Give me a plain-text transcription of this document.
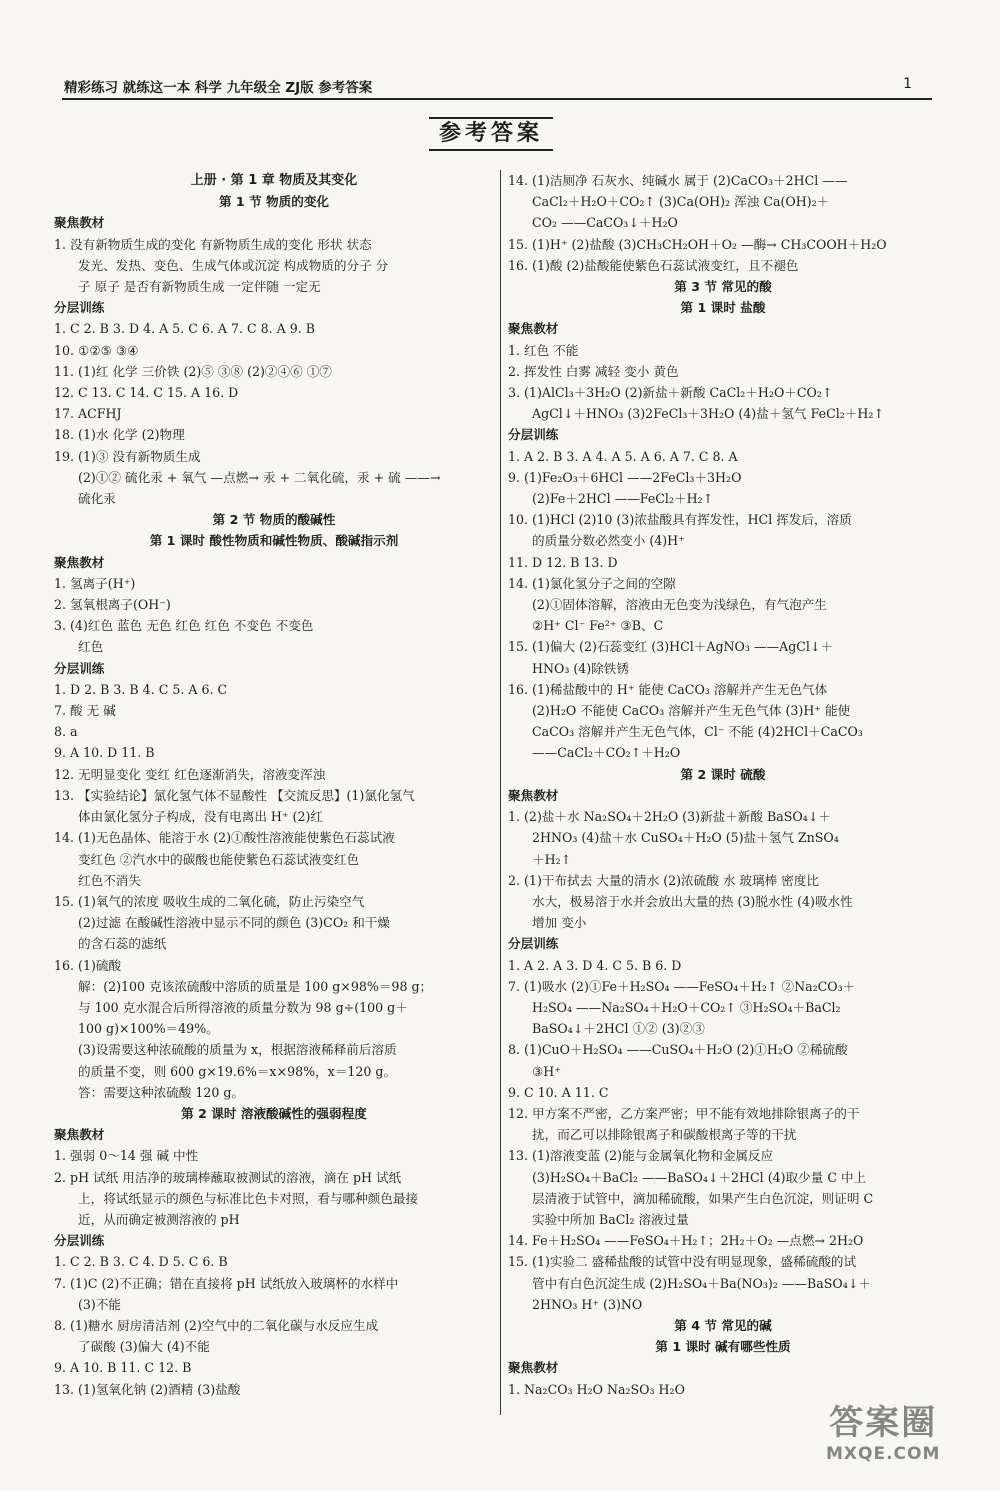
精彩练习 就练这一本 科学 九年级全 ZJ版 参考答案	1
参考答案
上册 · 第 1 章 物质及其变化
第 1 节 物质的变化
聚焦教材
1. 没有新物质生成的变化 有新物质生成的变化 形状 状态
发光、发热、变色、生成气体或沉淀 构成物质的分子 分
子 原子 是否有新物质生成 一定伴随 一定无
分层训练
1. C 2. B 3. D 4. A 5. C 6. A 7. C 8. A 9. B
10. ①②⑤ ③④
11. (1)红 化学 三价铁 (2)⑤ ③⑧ (2)②④⑥ ①⑦
12. C 13. C 14. C 15. A 16. D
17. ACFHJ
18. (1)水 化学 (2)物理
19. (1)③ 没有新物质生成
(2)①② 硫化汞 + 氧气 —点燃→ 汞 + 二氧化硫，汞 + 硫 ——→
硫化汞
第 2 节 物质的酸碱性
第 1 课时 酸性物质和碱性物质、酸碱指示剂
聚焦教材
1. 氢离子(H⁺)
2. 氢氧根离子(OH⁻)
3. (4)红色 蓝色 无色 红色 红色 不变色 不变色
红色
分层训练
1. D 2. B 3. B 4. C 5. A 6. C
7. 酸 无 碱
8. a
9. A 10. D 11. B
12. 无明显变化 变红 红色逐渐消失，溶液变浑浊
13. 【实验结论】氯化氢气体不显酸性 【交流反思】(1)氯化氢气
体由氯化氢分子构成，没有电离出 H⁺ (2)红
14. (1)无色晶体、能溶于水 (2)①酸性溶液能使紫色石蕊试液
变红色 ②汽水中的碳酸也能使紫色石蕊试液变红色
红色不消失
15. (1)氧气的浓度 吸收生成的二氧化硫，防止污染空气
(2)过滤 在酸碱性溶液中显示不同的颜色 (3)CO₂ 和干燥
的含石蕊的滤纸
16. (1)硫酸
解：(2)100 克该浓硫酸中溶质的质量是 100 g×98%＝98 g；
与 100 克水混合后所得溶液的质量分数为 98 g÷(100 g＋
100 g)×100%＝49%。
(3)设需要这种浓硫酸的质量为 x，根据溶液稀释前后溶质
的质量不变，则 600 g×19.6%＝x×98%，x＝120 g。
答：需要这种浓硫酸 120 g。
第 2 课时 溶液酸碱性的强弱程度
聚焦教材
1. 强弱 0～14 强 碱 中性
2. pH 试纸 用洁净的玻璃棒蘸取被测试的溶液，滴在 pH 试纸
上，将试纸显示的颜色与标准比色卡对照，看与哪种颜色最接
近，从而确定被测溶液的 pH
分层训练
1. C 2. B 3. C 4. D 5. C 6. B
7. (1)C (2)不正确；错在直接将 pH 试纸放入玻璃杯的水样中
(3)不能
8. (1)糖水 厨房清洁剂 (2)空气中的二氧化碳与水反应生成
了碳酸 (3)偏大 (4)不能
9. A 10. B 11. C 12. B
13. (1)氢氧化钠 (2)酒精 (3)盐酸
14. (1)洁厕净 石灰水、纯碱水 属于 (2)CaCO₃＋2HCl ——
CaCl₂＋H₂O＋CO₂↑ (3)Ca(OH)₂ 浑浊 Ca(OH)₂＋
CO₂ ——CaCO₃↓＋H₂O
15. (1)H⁺ (2)盐酸 (3)CH₃CH₂OH＋O₂ —酶→ CH₃COOH＋H₂O
16. (1)酸 (2)盐酸能使紫色石蕊试液变红，且不褪色
第 3 节 常见的酸
第 1 课时 盐酸
聚焦教材
1. 红色 不能
2. 挥发性 白雾 减轻 变小 黄色
3. (1)AlCl₃＋3H₂O (2)新盐＋新酸 CaCl₂＋H₂O＋CO₂↑
AgCl↓＋HNO₃ (3)2FeCl₃＋3H₂O (4)盐＋氢气 FeCl₂＋H₂↑
分层训练
1. A 2. B 3. A 4. A 5. A 6. A 7. C 8. A
9. (1)Fe₂O₃＋6HCl ——2FeCl₃＋3H₂O
(2)Fe＋2HCl ——FeCl₂＋H₂↑
10. (1)HCl (2)10 (3)浓盐酸具有挥发性，HCl 挥发后，溶质
的质量分数必然变小 (4)H⁺
11. D 12. B 13. D
14. (1)氯化氢分子之间的空隙
(2)①固体溶解，溶液由无色变为浅绿色，有气泡产生
②H⁺ Cl⁻ Fe²⁺ ③B、C
15. (1)偏大 (2)石蕊变红 (3)HCl＋AgNO₃ ——AgCl↓＋
HNO₃ (4)除铁锈
16. (1)稀盐酸中的 H⁺ 能使 CaCO₃ 溶解并产生无色气体
(2)H₂O 不能使 CaCO₃ 溶解并产生无色气体 (3)H⁺ 能使
CaCO₃ 溶解并产生无色气体，Cl⁻ 不能 (4)2HCl＋CaCO₃
——CaCl₂＋CO₂↑＋H₂O
第 2 课时 硫酸
聚焦教材
1. (2)盐＋水 Na₂SO₄＋2H₂O (3)新盐＋新酸 BaSO₄↓＋
2HNO₃ (4)盐＋水 CuSO₄＋H₂O (5)盐＋氢气 ZnSO₄
＋H₂↑
2. (1)干布拭去 大量的清水 (2)浓硫酸 水 玻璃棒 密度比
水大，极易溶于水并会放出大量的热 (3)脱水性 (4)吸水性
增加 变小
分层训练
1. A 2. A 3. D 4. C 5. B 6. D
7. (1)吸水 (2)①Fe＋H₂SO₄ ——FeSO₄＋H₂↑ ②Na₂CO₃＋
H₂SO₄ ——Na₂SO₄＋H₂O＋CO₂↑ ③H₂SO₄＋BaCl₂
BaSO₄↓＋2HCl ①② (3)②③
8. (1)CuO＋H₂SO₄ ——CuSO₄＋H₂O (2)①H₂O ②稀硫酸
③H⁺
9. C 10. A 11. C
12. 甲方案不严密，乙方案严密；甲不能有效地排除银离子的干
扰，而乙可以排除银离子和碳酸根离子等的干扰
13. (1)溶液变蓝 (2)能与金属氧化物和金属反应
(3)H₂SO₄＋BaCl₂ ——BaSO₄↓＋2HCl (4)取少量 C 中上
层清液于试管中，滴加稀硫酸，如果产生白色沉淀，则证明 C
实验中所加 BaCl₂ 溶液过量
14. Fe＋H₂SO₄ ——FeSO₄＋H₂↑；2H₂＋O₂ —点燃→ 2H₂O
15. (1)实验二 盛稀盐酸的试管中没有明显现象，盛稀硫酸的试
管中有白色沉淀生成 (2)H₂SO₄＋Ba(NO₃)₂ ——BaSO₄↓＋
2HNO₃ H⁺ (3)NO
第 4 节 常见的碱
第 1 课时 碱有哪些性质
聚焦教材
1. Na₂CO₃ H₂O Na₂SO₃ H₂O
答案圈
MXQE.COM
